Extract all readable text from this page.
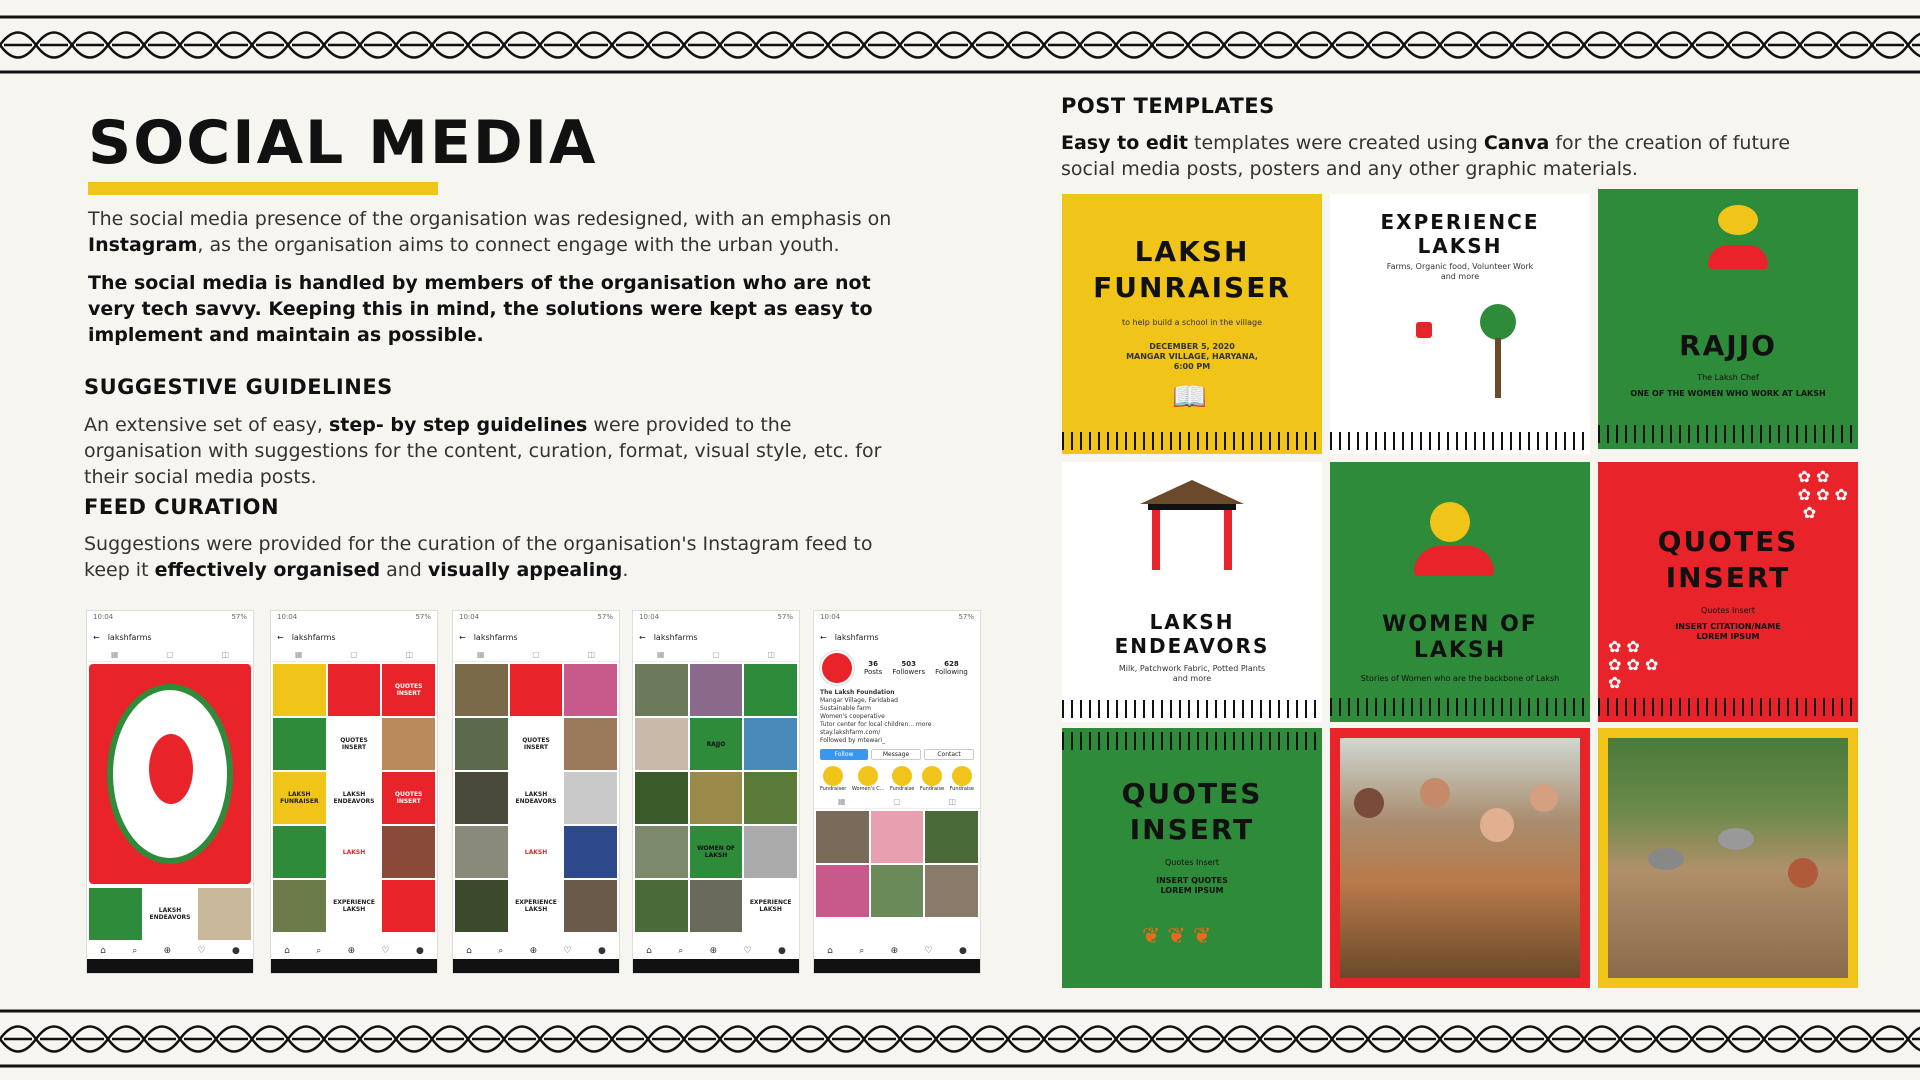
SOCIAL MEDIA
The social media presence of the organisation was redesigned, with an emphasis on Instagram, as the organisation aims to connect engage with the urban youth.
The social media is handled by members of the organisation who are not very tech savvy. Keeping this in mind, the solutions were kept as easy to implement and maintain as possible.
SUGGESTIVE GUIDELINES
An extensive set of easy, step- by step guidelines were provided to the organisation with suggestions for the content, curation, format, visual style, etc. for their social media posts.
FEED CURATION
Suggestions were provided for the curation of the organisation's Instagram feed to keep it effectively organised and visually appealing.
10:04	57%
← lakshfarms
▦	▢	◫
LAKSH ENDEAVORS
⌂	⌕	⊕	♡	●
10:04	57%
← lakshfarms
▦	▢	◫
QUOTES INSERT
QUOTES INSERT
LAKSH FUNRAISER
LAKSH ENDEAVORS
QUOTES INSERT
LAKSH
EXPERIENCE LAKSH
⌂	⌕	⊕	♡	●
10:04	57%
← lakshfarms
▦	▢	◫
QUOTES INSERT
LAKSH ENDEAVORS
LAKSH
EXPERIENCE LAKSH
⌂	⌕	⊕	♡	●
10:04	57%
← lakshfarms
▦	▢	◫
RAJJO
WOMEN OF LAKSH
EXPERIENCE LAKSH
⌂	⌕	⊕	♡	●
10:04	57%
← lakshfarms
36
Posts
503
Followers
628
Following
The Laksh Foundation
Mangar Village, Faridabad
Sustainable farm
Women's cooperative
Tutor center for local children... more
stay.lakshfarm.com/
Followed by mtewari_
Follow	Message	Contact
Fundraiser Women's C... Fundraise Fundraise Fundraise
▦	▢	◫
⌂	⌕	⊕	♡	●
POST TEMPLATES
Easy to edit templates were created using Canva for the creation of future social media posts, posters and any other graphic materials.
LAKSH
FUNRAISER
to help build a school in the village
DECEMBER 5, 2020
MANGAR VILLAGE, HARYANA,
6:00 PM
📖
EXPERIENCE
LAKSH
Farms, Organic food, Volunteer Work
and more
RAJJO
The Laksh Chef
ONE OF THE WOMEN WHO WORK AT LAKSH
LAKSH
ENDEAVORS
Milk, Patchwork Fabric, Potted Plants
and more
WOMEN OF
LAKSH
Stories of Women who are the backbone of Laksh
✿ ✿
✿ ✿ ✿
✿
✿ ✿
✿ ✿ ✿
✿
QUOTES
INSERT
Quotes Insert
INSERT CITATION/NAME
LOREM IPSUM
QUOTES
INSERT
Quotes Insert
INSERT QUOTES
LOREM IPSUM
❦ ❦ ❦
